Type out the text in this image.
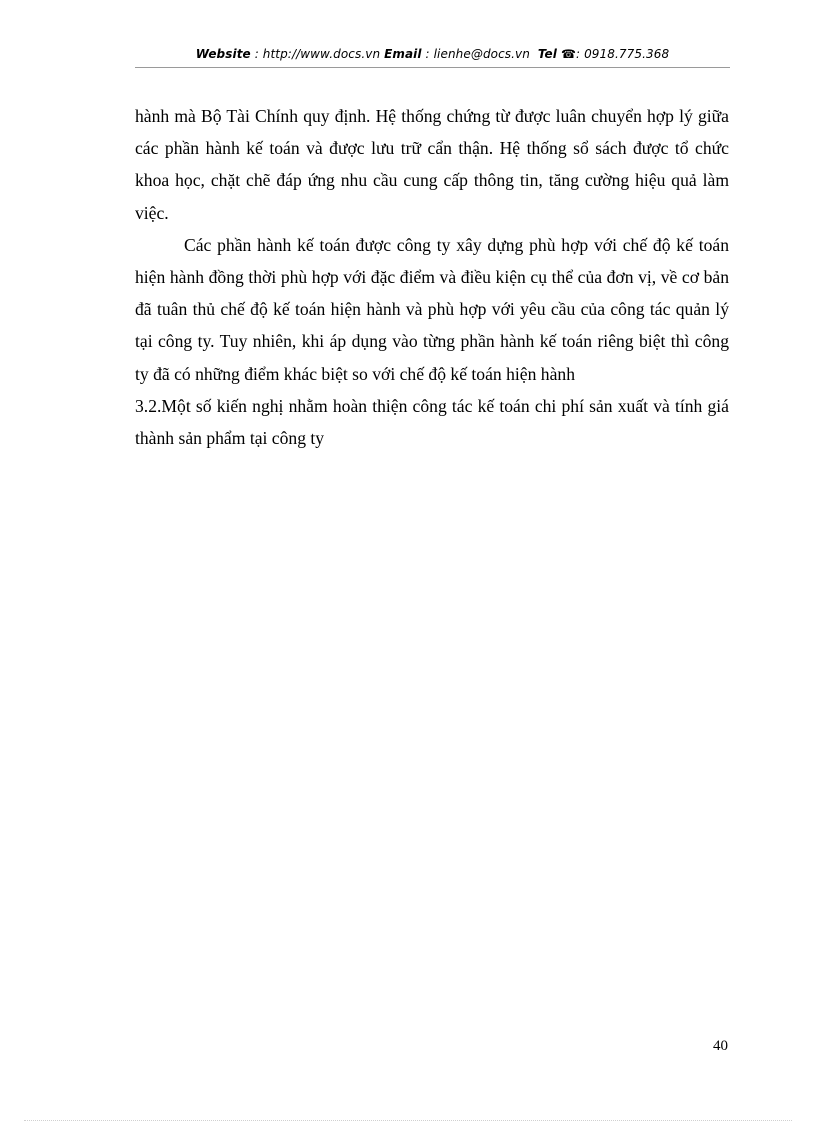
Website : http://www.docs.vn Email : lienhe@docs.vn Tel ☎: 0918.775.368

hành mà Bộ Tài Chính quy định. Hệ thống chứng từ được luân chuyển hợp lý giữa các phần hành kế toán và được lưu trữ cẩn thận. Hệ thống sổ sách được tổ chức khoa học, chặt chẽ đáp ứng nhu cầu cung cấp thông tin, tăng cường hiệu quả làm việc.

Các phần hành kế toán được công ty xây dựng phù hợp với chế độ kế toán hiện hành đồng thời phù hợp với đặc điểm và điều kiện cụ thể của đơn vị, về cơ bản đã tuân thủ chế độ kế toán hiện hành và phù hợp với yêu cầu của công tác quản lý tại công ty. Tuy nhiên, khi áp dụng vào từng phần hành kế toán riêng biệt thì công ty đã có những điểm khác biệt so với chế độ kế toán hiện hành

3.2.Một số kiến nghị nhằm hoàn thiện công tác kế toán chi phí sản xuất và tính giá thành sản phẩm tại công ty

40
